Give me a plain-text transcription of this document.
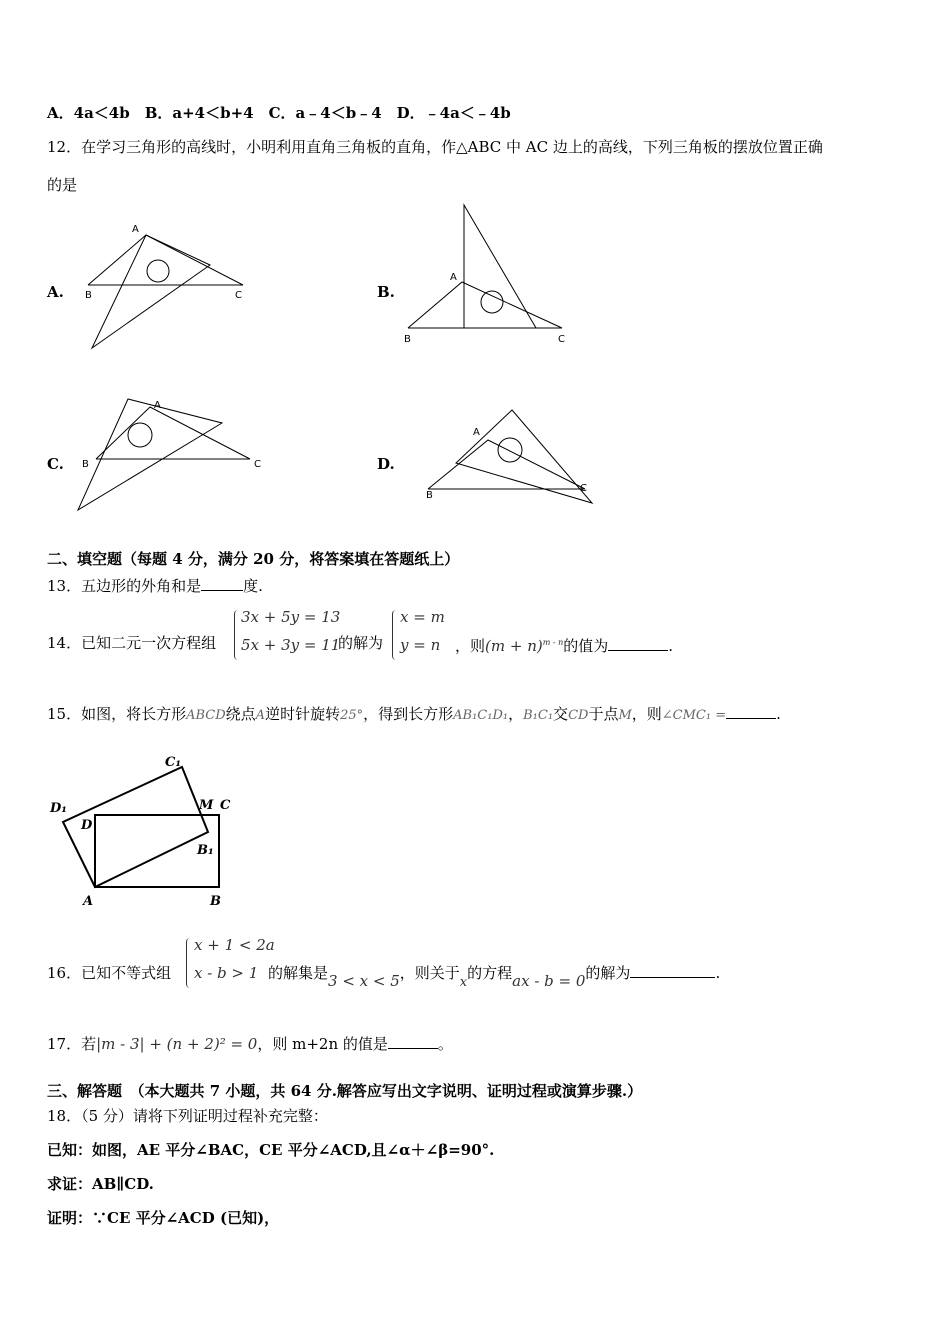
A．4a＜4b　B．a+4＜b+4　C．a﹣4＜b﹣4　D．﹣4a＜﹣4b
12．在学习三角形的高线时，小明利用直角三角板的直角，作△ABC 中 AC 边上的高线，下列三角板的摆放位置正确
的是
A.	B.
C.	D.
A
B	C
A
B	C
A
B	C
A
B
C
二、填空题（每题 4 分，满分 20 分，将答案填在答题纸上）
13．五边形的外角和是	度.
14．已知二元一次方程组
3x + 5y = 13
5x + 3y = 11
的解为
x = m
y = n ，则$(m + n)^{m - n}$的值为	.
15．如图，将长方形ABCD绕点A逆时针旋转25°，得到长方形AB₁C₁D₁，B₁C₁交CD于点M，则∠CMC₁ =	.
C₁
D₁
D
M C
B₁
A	B
16．已知不等式组
x + 1 < 2a
x - b > 1 的解集是3 < x < 5，则关于x的方程ax - b = 0的解为	.
17．若|m - 3| + (n + 2)² = 0，则 m+2n 的值是	。
三、解答题　（本大题共 7 小题，共 64 分.解答应写出文字说明、证明过程或演算步骤.）
18．（5 分）请将下列证明过程补充完整：
已知：如图，AE 平分∠BAC，CE 平分∠ACD,且∠α＋∠β=90°.
求证：AB∥CD.
证明：∵CE 平分∠ACD (已知)，
